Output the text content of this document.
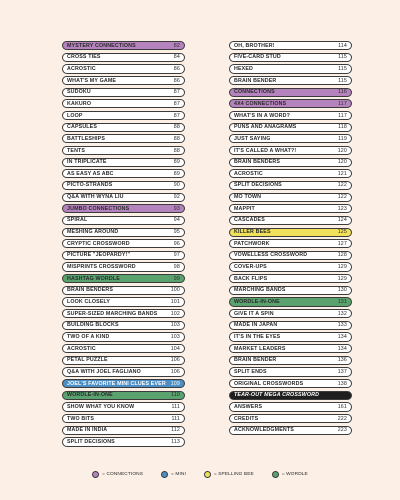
MYSTERY CONNECTIONS	82
CROSS TIES	84
ACROSTIC	86
WHAT'S MY GAME	86
SUDOKU	87
KAKURO	87
LOOP	87
CAPSULES	88
BATTLESHIPS	88
TENTS	88
IN TRIPLICATE	89
AS EASY AS ABC	89
PICTO-STRANDS	90
Q&A WITH WYNA LIU	92
JUMBO CONNECTIONS	93
SPIRAL	94
MESHING AROUND	95
CRYPTIC CROSSWORD	96
PICTURE "JEOPARDY!"	97
MISPRINTS CROSSWORD	98
HASHTAG WORDLE	99
BRAIN BENDERS	100
LOOK CLOSELY	101
SUPER-SIZED MARCHING BANDS	102
BUILDING BLOCKS	103
TWO OF A KIND	103
ACROSTIC	104
PETAL PUZZLE	106
Q&A WITH JOEL FAGLIANO	106
JOEL'S FAVORITE MINI CLUES EVER 109
WORDLE-IN-ONE	110
SHOW WHAT YOU KNOW	111
TWO BITS	111
MADE IN INDIA	112
SPLIT DECISIONS	113
OH, BROTHER!	114
FIVE-CARD STUD	115
HEXED	115
BRAIN BENDER	115
CONNECTIONS	116
4X4 CONNECTIONS	117
WHAT'S IN A WORD?	117
PUNS AND ANAGRAMS	118
JUST SAYING	119
IT'S CALLED A WHAT?!	120
BRAIN BENDERS	120
ACROSTIC	121
SPLIT DECISIONS	122
MO TOWN	122
MAPPIT	123
CASCADES	124
KILLER BEES	125
PATCHWORK	127
VOWELLESS CROSSWORD	128
COVER-UPS	129
BACK FLIPS	129
MARCHING BANDS	130
WORDLE-IN-ONE	131
GIVE IT A SPIN	132
MADE IN JAPAN	133
IT'S IN THE EYES	134
MARKET LEADERS	134
BRAIN BENDER	136
SPLIT ENDS	137
ORIGINAL CROSSWORDS	138
TEAR-OUT MEGA CROSSWORD
ANSWERS	161
CREDITS	222
ACKNOWLEDGMENTS	223
= CONNECTIONS	= MINI	= SPELLING BEE	= WORDLE
